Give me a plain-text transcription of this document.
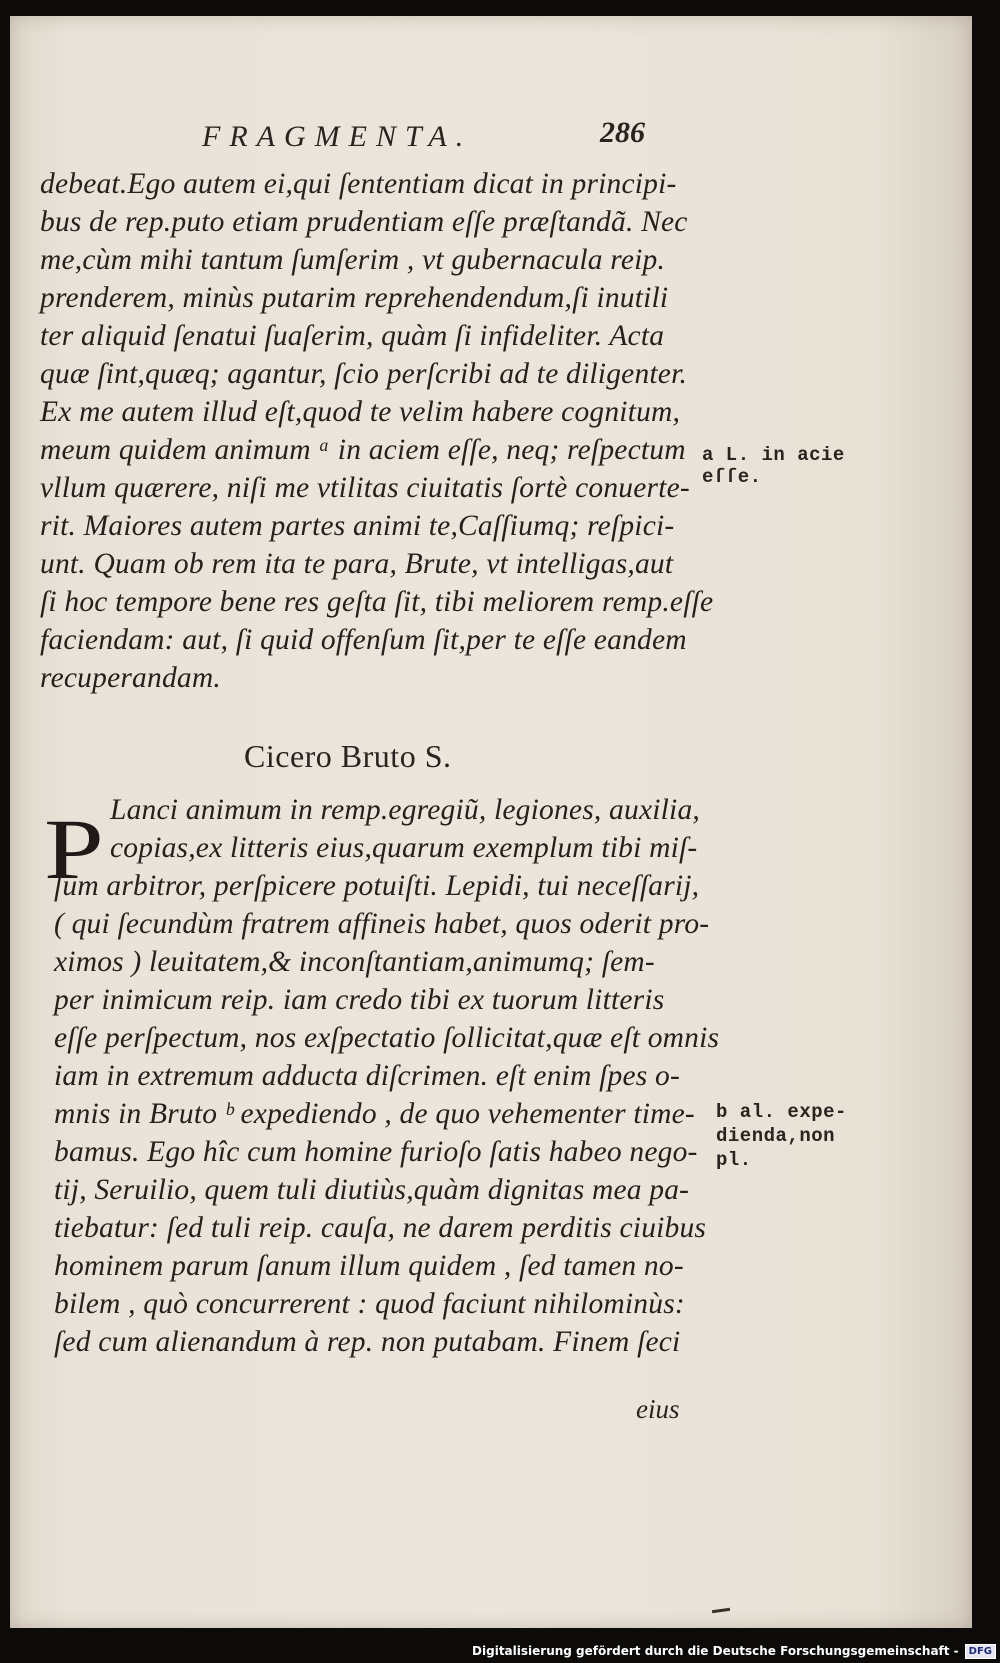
FRAGMENTA.	286
debeat.Ego autem ei,qui ſententiam dicat in principi-
bus de rep.puto etiam prudentiam eſſe præſtandã. Nec
me,cùm mihi tantum ſumſerim , vt gubernacula reip.
prenderem, minùs putarim reprehendendum,ſi inutili
ter aliquid ſenatui ſuaſerim, quàm ſi infideliter. Acta
quæ ſint,quæq; agantur, ſcio perſcribi ad te diligenter.
Ex me autem illud eſt,quod te velim habere cognitum,
meum quidem animum ᵃ in aciem eſſe, neq; reſpectum
vllum quærere, niſi me vtilitas ciuitatis ſortè conuerte-
rit. Maiores autem partes animi te,Caſſiumq; reſpici-
unt. Quam ob rem ita te para, Brute, vt intelligas,aut
ſi hoc tempore bene res geſta ſit, tibi meliorem remp.eſſe
faciendam: aut, ſi quid offenſum ſit,per te eſſe eandem
recuperandam.
a L. in acie
eſſe.
Cicero Bruto S.
P Lanci animum in remp.egregiũ, legiones, auxilia,
copias,ex litteris eius,quarum exemplum tibi miſ-
ſum arbitror, perſpicere potuiſti. Lepidi, tui neceſſarij,
( qui ſecundùm fratrem affineis habet, quos oderit pro-
ximos ) leuitatem,& inconſtantiam,animumq; ſem-
per inimicum reip. iam credo tibi ex tuorum litteris
eſſe perſpectum, nos exſpectatio ſollicitat,quæ eſt omnis
iam in extremum adducta diſcrimen. eſt enim ſpes o-
mnis in Bruto ᵇ expediendo , de quo vehementer time-
bamus. Ego hîc cum homine furioſo ſatis habeo nego-
tij, Seruilio, quem tuli diutiùs,quàm dignitas mea pa-
tiebatur: ſed tuli reip. cauſa, ne darem perditis ciuibus
hominem parum ſanum illum quidem , ſed tamen no-
bilem , quò concurrerent : quod faciunt nihilominùs:
ſed cum alienandum à rep. non putabam. Finem ſeci
b al. expe-
dienda,non
pl.
eius
Digitalisierung gefördert durch die Deutsche Forschungsgemeinschaft -	DFG
